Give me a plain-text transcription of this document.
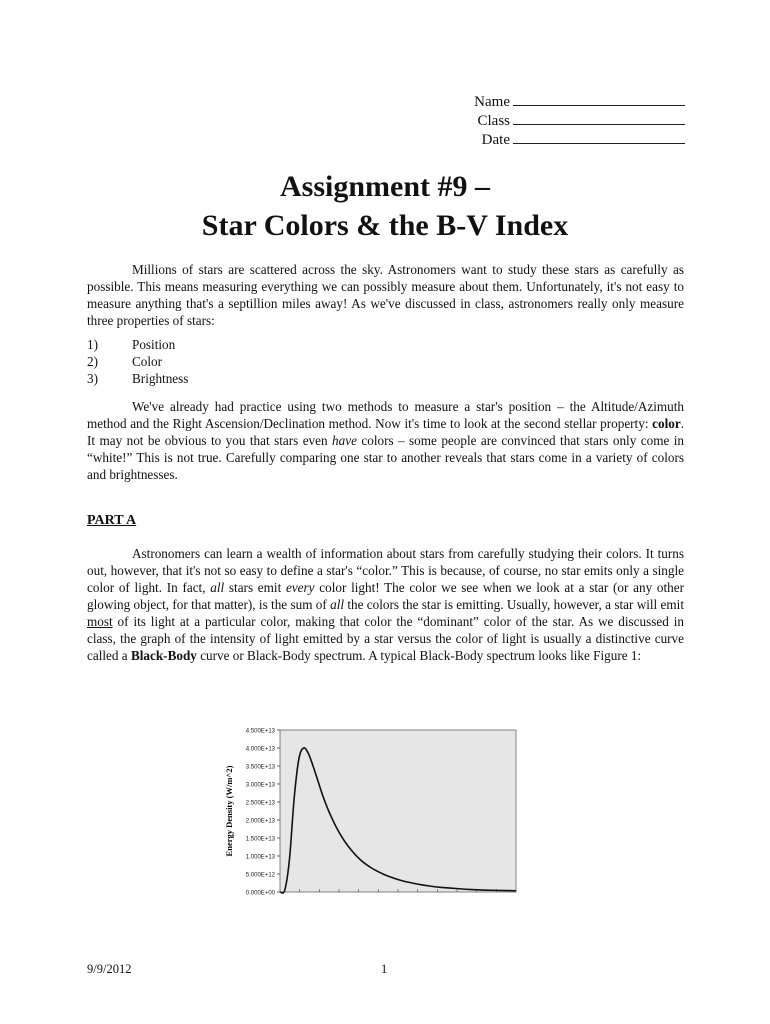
Name
Class
Date
Assignment #9 –
Star Colors & the B-V Index

Millions of stars are scattered across the sky. Astronomers want to study these stars as carefully as possible. This means measuring everything we can possibly measure about them. Unfortunately, it's not easy to measure anything that's a septillion miles away! As we've discussed in class, astronomers really only measure three properties of stars:

1)	Position
2)	Color
3)	Brightness

We've already had practice using two methods to measure a star's position – the Altitude/Azimuth method and the Right Ascension/Declination method. Now it's time to look at the second stellar property: color. It may not be obvious to you that stars even have colors – some people are convinced that stars only come in “white!” This is not true. Carefully comparing one star to another reveals that stars come in a variety of colors and brightnesses.

PART A

Astronomers can learn a wealth of information about stars from carefully studying their colors. It turns out, however, that it's not so easy to define a star's “color.” This is because, of course, no star emits only a single color of light. In fact, all stars emit every color light! The color we see when we look at a star (or any other glowing object, for that matter), is the sum of all the colors the star is emitting. Usually, however, a star will emit most of its light at a particular color, making that color the “dominant” color of the star. As we discussed in class, the graph of the intensity of light emitted by a star versus the color of light is usually a distinctive curve called a Black-Body curve or Black-Body spectrum. A typical Black-Body spectrum looks like Figure 1:

0.000E+00
5.000E+12
1.000E+13
1.500E+13
2.000E+13
2.500E+13
3.000E+13
3.500E+13
4.000E+13
4.500E+13
Energy Density (W/m^2)
9/9/2012	1
